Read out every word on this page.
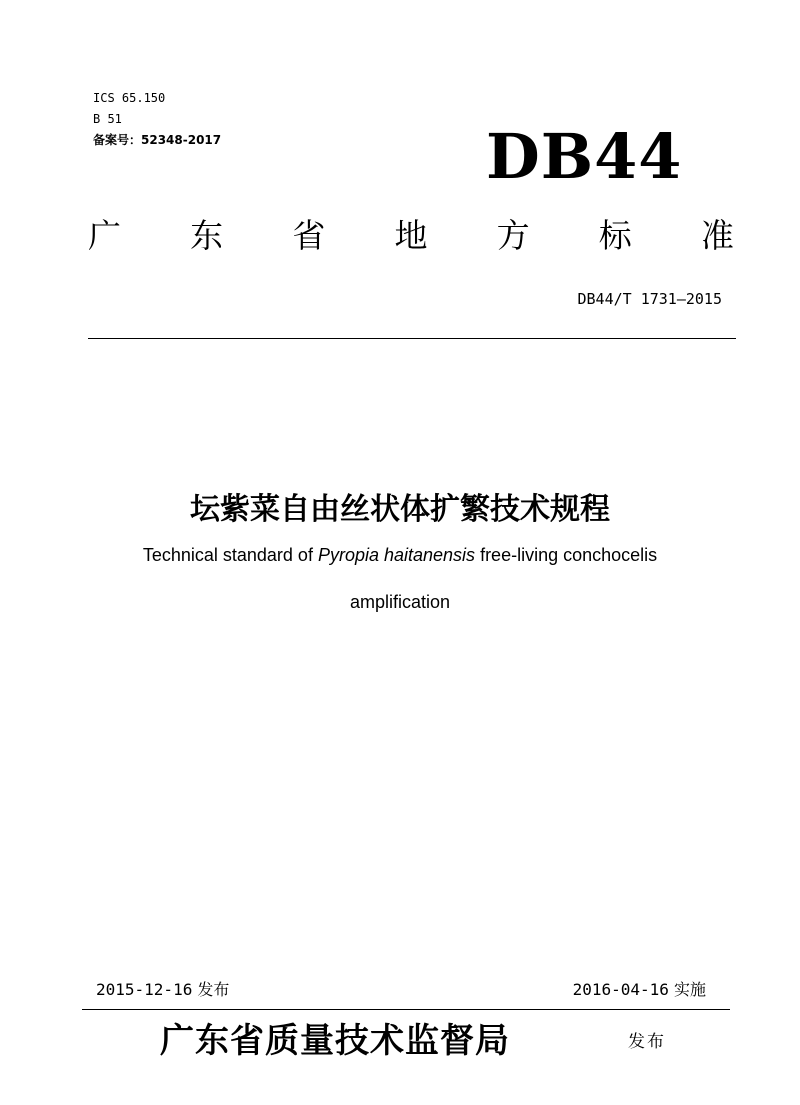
ICS 65.150
B 51
备案号：52348-2017	DB44
广 东 省 地 方 标 准
DB44/T 1731—2015
坛紫菜自由丝状体扩繁技术规程
Technical standard of Pyropia haitanensis free-living conchocelis
amplification
2015-12-16 发布	2016-04-16 实施
广东省质量技术监督局	发布
